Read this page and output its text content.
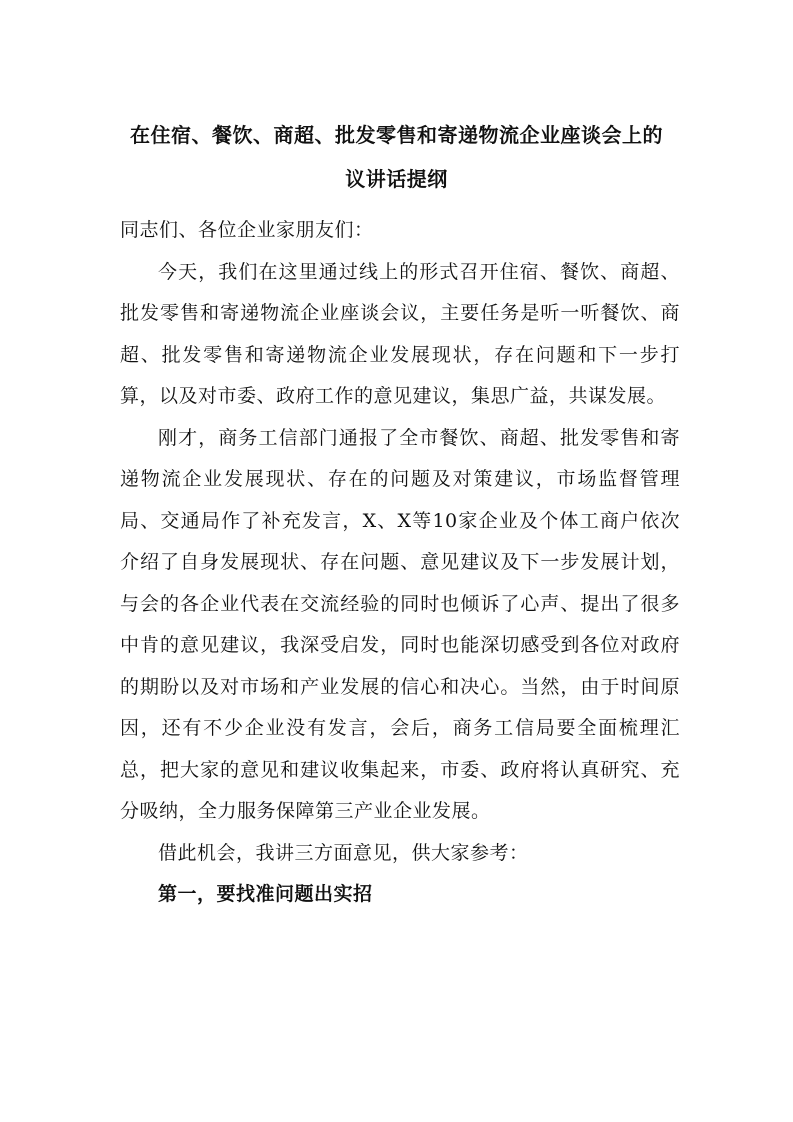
在住宿、餐饮、商超、批发零售和寄递物流企业座谈会上的
议讲话提纲

同志们、各位企业家朋友们：

今天，我们在这里通过线上的形式召开住宿、餐饮、商超、批发零售和寄递物流企业座谈会议，主要任务是听一听餐饮、商超、批发零售和寄递物流企业发展现状，存在问题和下一步打算，以及对市委、政府工作的意见建议，集思广益，共谋发展。

刚才，商务工信部门通报了全市餐饮、商超、批发零售和寄递物流企业发展现状、存在的问题及对策建议，市场监督管理局、交通局作了补充发言，X、X等10家企业及个体工商户依次介绍了自身发展现状、存在问题、意见建议及下一步发展计划，与会的各企业代表在交流经验的同时也倾诉了心声、提出了很多中肯的意见建议，我深受启发，同时也能深切感受到各位对政府的期盼以及对市场和产业发展的信心和决心。当然，由于时间原因，还有不少企业没有发言，会后，商务工信局要全面梳理汇总，把大家的意见和建议收集起来，市委、政府将认真研究、充分吸纳，全力服务保障第三产业企业发展。

借此机会，我讲三方面意见，供大家参考：

第一，要找准问题出实招
